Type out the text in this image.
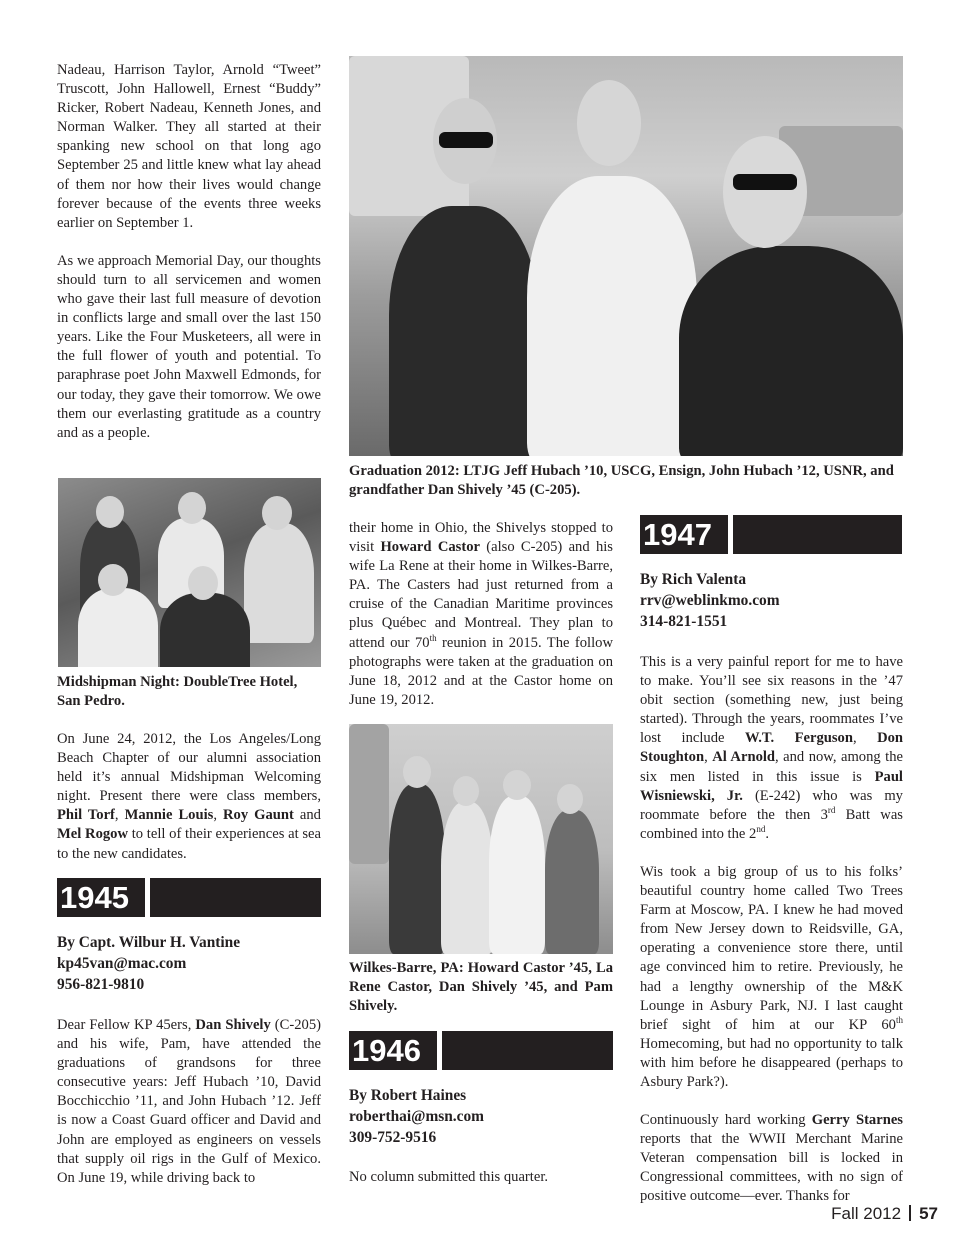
Nadeau, Harrison Taylor, Arnold “Tweet” Truscott, John Hallowell, Ernest “Buddy” Ricker, Robert Nadeau, Kenneth Jones, and Norman Walker. They all started at their spanking new school on that long ago September 25 and little knew what lay ahead of them nor how their lives would change forever because of the events three weeks earlier on September 1.

As we approach Memorial Day, our thoughts should turn to all servicemen and women who gave their last full measure of devotion in conflicts large and small over the last 150 years. Like the Four Musketeers, all were in the full flower of youth and potential. To paraphrase poet John Maxwell Edmonds, for our today, they gave their tomorrow. We owe them our everlasting gratitude as a country and as a people.

Midshipman Night: DoubleTree Hotel, San Pedro.

On June 24, 2012, the Los Angeles/Long Beach Chapter of our alumni association held it’s annual Midshipman Welcoming night. Present there were class members, Phil Torf, Mannie Louis, Roy Gaunt and Mel Rogow to tell of their experiences at sea to the new candidates.

1945
By Capt. Wilbur H. Vantine
kp45van@mac.com
956-821-9810

Dear Fellow KP 45ers, Dan Shively (C-205) and his wife, Pam, have attended the graduations of grandsons for three consecutive years: Jeff Hubach ’10, David Bocchicchio ’11, and John Hubach ’12. Jeff is now a Coast Guard officer and David and John are employed as engineers on vessels that supply oil rigs in the Gulf of Mexico. On June 19, while driving back to

Graduation 2012: LTJG Jeff Hubach ’10, USCG, Ensign, John Hubach ’12, USNR, and grandfather Dan Shively ’45 (C-205).

their home in Ohio, the Shivelys stopped to visit Howard Castor (also C-205) and his wife La Rene at their home in Wilkes-Barre, PA. The Casters had just returned from a cruise of the Canadian Maritime provinces plus Québec and Montreal. They plan to attend our 70th reunion in 2015. The follow photographs were taken at the graduation on June 18, 2012 and at the Castor home on June 19, 2012.

Wilkes-Barre, PA: Howard Castor ’45, La Rene Castor, Dan Shively ’45, and Pam Shively.

1946
By Robert Haines
roberthai@msn.com
309-752-9516

No column submitted this quarter.

1947
By Rich Valenta
rrv@weblinkmo.com
314-821-1551

This is a very painful report for me to have to make. You’ll see six reasons in the ’47 obit section (something new, just being started). Through the years, roommates I’ve lost include W.T. Ferguson, Don Stoughton, Al Arnold, and now, among the six men listed in this issue is Paul Wisniewski, Jr. (E-242) who was my roommate before the then 3rd Batt was combined into the 2nd.

Wis took a big group of us to his folks’ beautiful country home called Two Trees Farm at Moscow, PA. I knew he had moved from New Jersey down to Reidsville, GA, operating a convenience store there, until age convinced him to retire. Previously, he had a lengthy ownership of the M&K Lounge in Asbury Park, NJ. I last caught brief sight of him at our KP 60th Homecoming, but had no opportunity to talk with him before he disappeared (perhaps to Asbury Park?).

Continuously hard working Gerry Starnes reports that the WWII Merchant Marine Veteran compensation bill is locked in Congressional committees, with no sign of positive outcome—ever. Thanks for

Fall 2012 57
